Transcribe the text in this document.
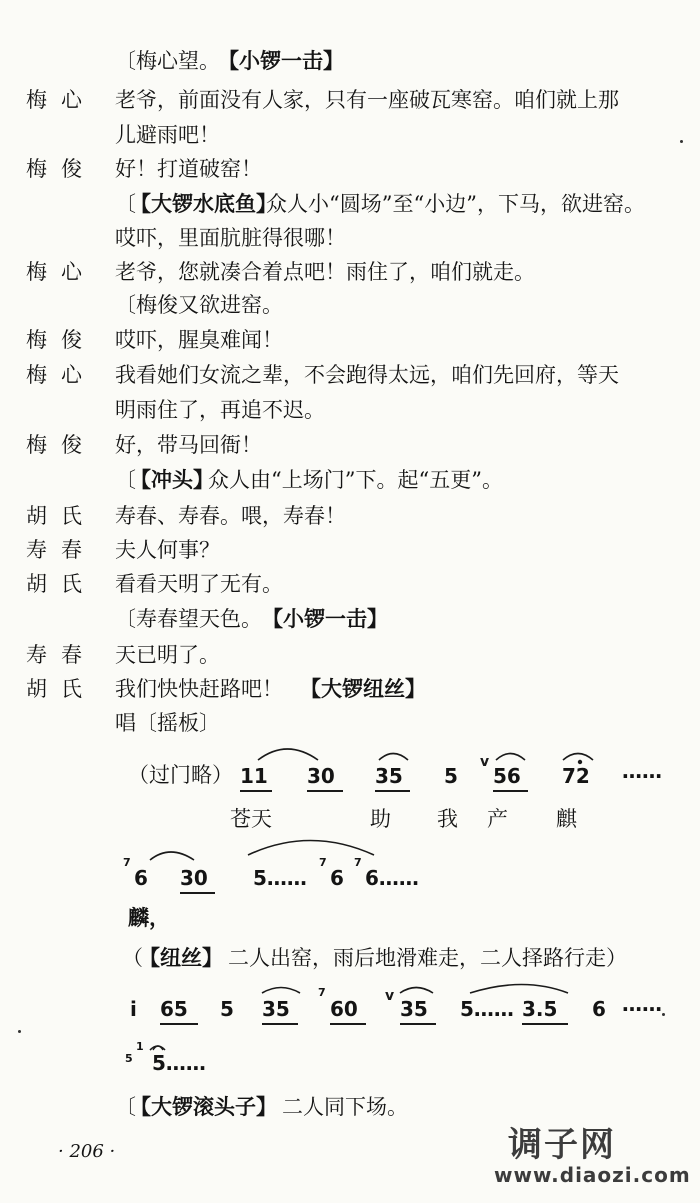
〔梅心望。
【小锣一击】
梅心 老爷，前面没有人家，只有一座破瓦寒窑。咱们就上那
儿避雨吧！
梅俊 好！打道破窑！
〔
【大锣水底鱼】
众人小“圆场”至“小边”，下马，欲进窑。
哎吓，里面肮脏得很哪！
梅心 老爷，您就凑合着点吧！雨住了，咱们就走。
〔梅俊又欲进窑。
梅俊 哎吓，腥臭难闻！
梅心 我看她们女流之辈，不会跑得太远，咱们先回府，等天
明雨住了，再追不迟。
梅俊 好，带马回衙！
〔
【冲头】
众人由“上场门”下。起“五更”。
胡氏 寿春、寿春。喂，寿春！
寿春 夫人何事？
胡氏 看看天明了无有。
〔寿春望天色。 【小锣一击】
寿春 天已明了。
胡氏 我们快快赶路吧！ 【大锣纽丝】
唱〔摇板〕
（过门略） 11 30 35 5 56 72 ……
苍天	助 我 产 麒
7
6 30 5……
7
6
7
6……
麟，
（
【纽丝】 二人出窑，雨后地滑难走，二人择路行走）
i 65 5 35
7
60 35 5…… 3.5 6 ……
1
5 5……
〔
【大锣滚头子】 二人同下场。
v
v
· 206 ·	调子网
www.diaozi.com
